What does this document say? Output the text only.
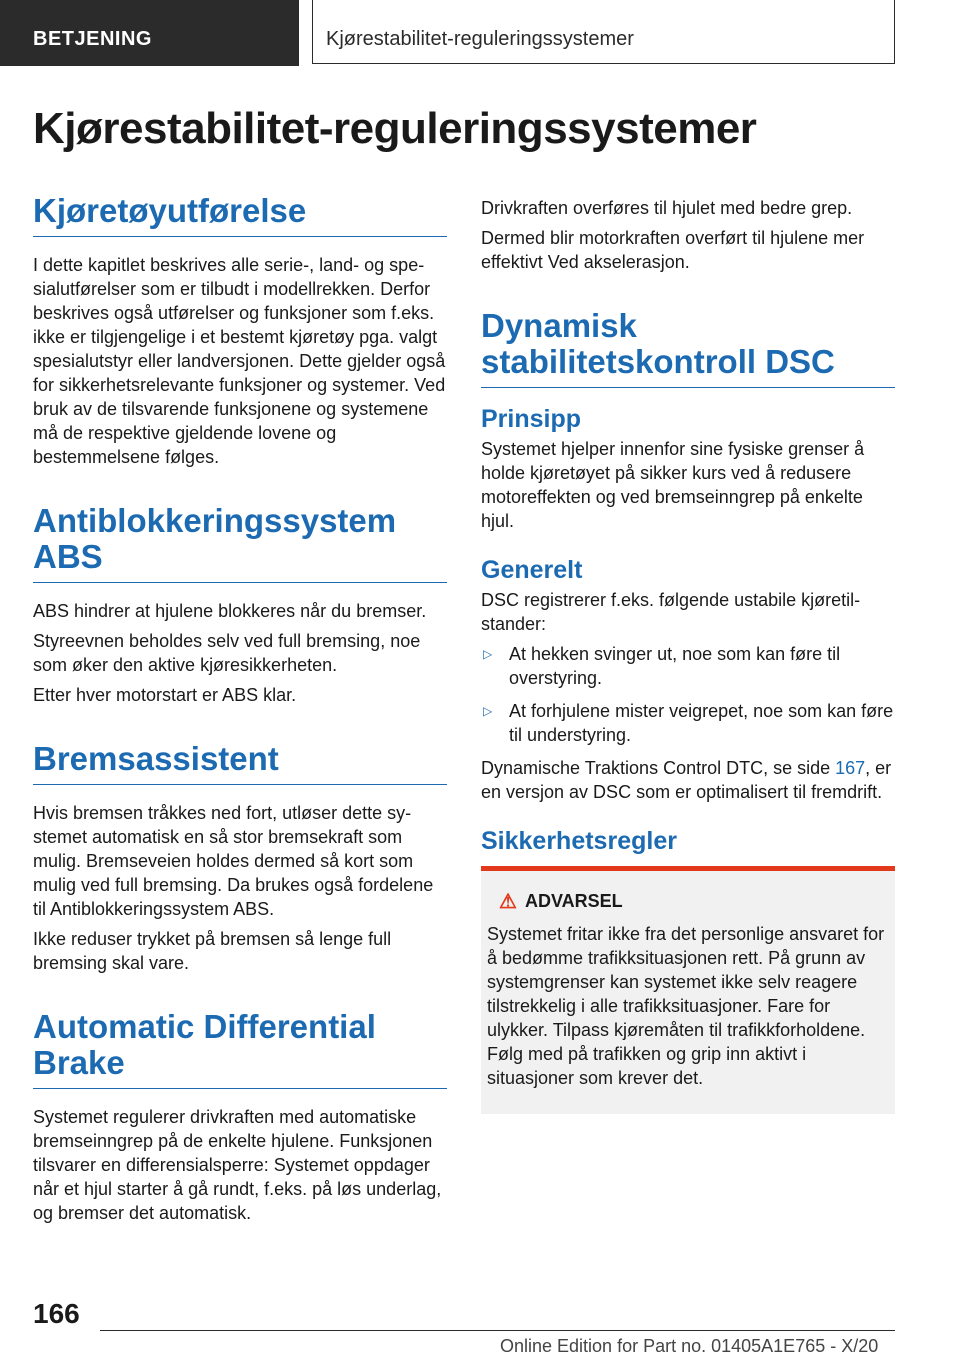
BETJENING	Kjørestabilitet-reguleringssystemer
Kjørestabilitet-reguleringssystemer
Kjøretøyutførelse

I dette kapitlet beskrives alle serie-, land- og spesialutførelser som er tilbudt i modellrekken. Derfor beskrives også utførelser og funksjoner som f.eks. ikke er tilgjengelige i et bestemt kjøretøy pga. valgt spesialutstyr eller landversjonen. Dette gjelder også for sikkerhetsrelevante funksjoner og systemer. Ved bruk av de tilsvarende funksjonene og systemene må de respektive gjeldende lovene og bestemmelsene følges.

Antiblokkeringssystem ABS

ABS hindrer at hjulene blokkeres når du bremser.

Styreevnen beholdes selv ved full bremsing, noe som øker den aktive kjøresikkerheten.

Etter hver motorstart er ABS klar.

Bremsassistent

Hvis bremsen tråkkes ned fort, utløser dette systemet automatisk en så stor bremsekraft som mulig. Bremseveien holdes dermed så kort som mulig ved full bremsing. Da brukes også fordelene til Antiblokkeringssystem ABS.

Ikke reduser trykket på bremsen så lenge full bremsing skal vare.

Automatic Differential Brake

Systemet regulerer drivkraften med automatiske bremseinngrep på de enkelte hjulene. Funksjonen tilsvarer en differensialsperre: Systemet oppdager når et hjul starter å gå rundt, f.eks. på løs underlag, og bremser det automatisk.

Drivkraften overføres til hjulet med bedre grep.

Dermed blir motorkraften overført til hjulene mer effektivt Ved akselerasjon.

Dynamisk stabilitetskontroll DSC
Prinsipp

Systemet hjelper innenfor sine fysiske grenser å holde kjøretøyet på sikker kurs ved å redusere motoreffekten og ved bremseinngrep på enkelte hjul.

Generelt

DSC registrerer f.eks. følgende ustabile kjøretilstander:

▷ At hekken svinger ut, noe som kan føre til overstyring.
▷ At forhjulene mister veigrepet, noe som kan føre til understyring.

Dynamische Traktions Control DTC, se side 167, er en versjon av DSC som er optimalisert til fremdrift.

Sikkerhetsregler
⚠ ADVARSEL

Systemet fritar ikke fra det personlige ansvaret for å bedømme trafikksituasjonen rett. På grunn av systemgrenser kan systemet ikke selv reagere tilstrekkelig i alle trafikksituasjoner. Fare for ulykker. Tilpass kjøremåten til trafikkforholdene. Følg med på trafikken og grip inn aktivt i situasjoner som krever det.

166
Online Edition for Part no. 01405A1E765 - X/20
